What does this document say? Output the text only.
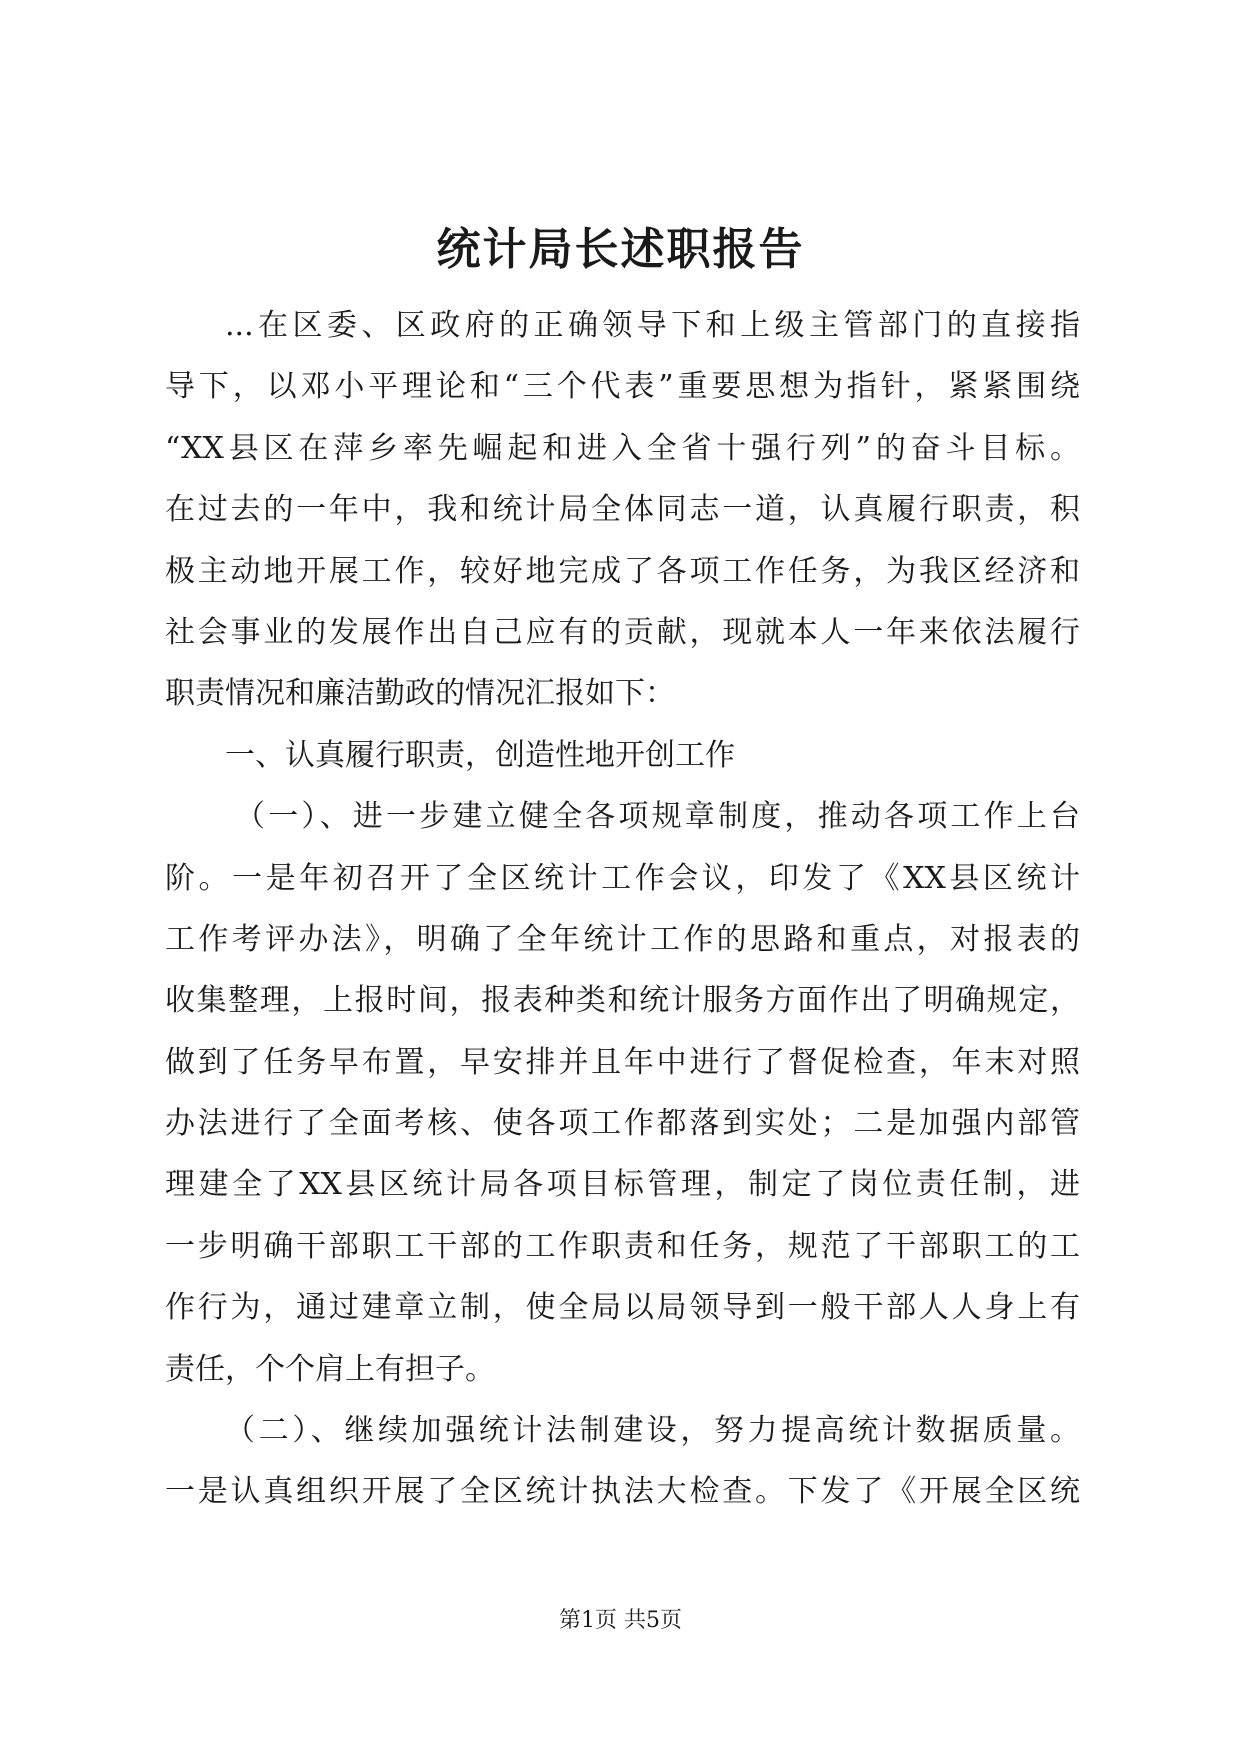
统计局长述职报告
...在区委、区政府的正确领导下和上级主管部门的直接指
导下，以邓小平理论和“三个代表”重要思想为指针，紧紧围绕
“XX县区在萍乡率先崛起和进入全省十强行列”的奋斗目标。
在过去的一年中，我和统计局全体同志一道，认真履行职责，积
极主动地开展工作，较好地完成了各项工作任务，为我区经济和
社会事业的发展作出自己应有的贡献，现就本人一年来依法履行
职责情况和廉洁勤政的情况汇报如下：
一、认真履行职责，创造性地开创工作
（一）、进一步建立健全各项规章制度，推动各项工作上台
阶。一是年初召开了全区统计工作会议，印发了《XX县区统计
工作考评办法》，明确了全年统计工作的思路和重点，对报表的
收集整理，上报时间，报表种类和统计服务方面作出了明确规定，
做到了任务早布置，早安排并且年中进行了督促检查，年末对照
办法进行了全面考核、使各项工作都落到实处；二是加强内部管
理建全了XX县区统计局各项目标管理，制定了岗位责任制，进
一步明确干部职工干部的工作职责和任务，规范了干部职工的工
作行为，通过建章立制，使全局以局领导到一般干部人人身上有
责任，个个肩上有担子。
（二）、继续加强统计法制建设，努力提高统计数据质量。
一是认真组织开展了全区统计执法大检查。下发了《开展全区统
第1页 共5页
